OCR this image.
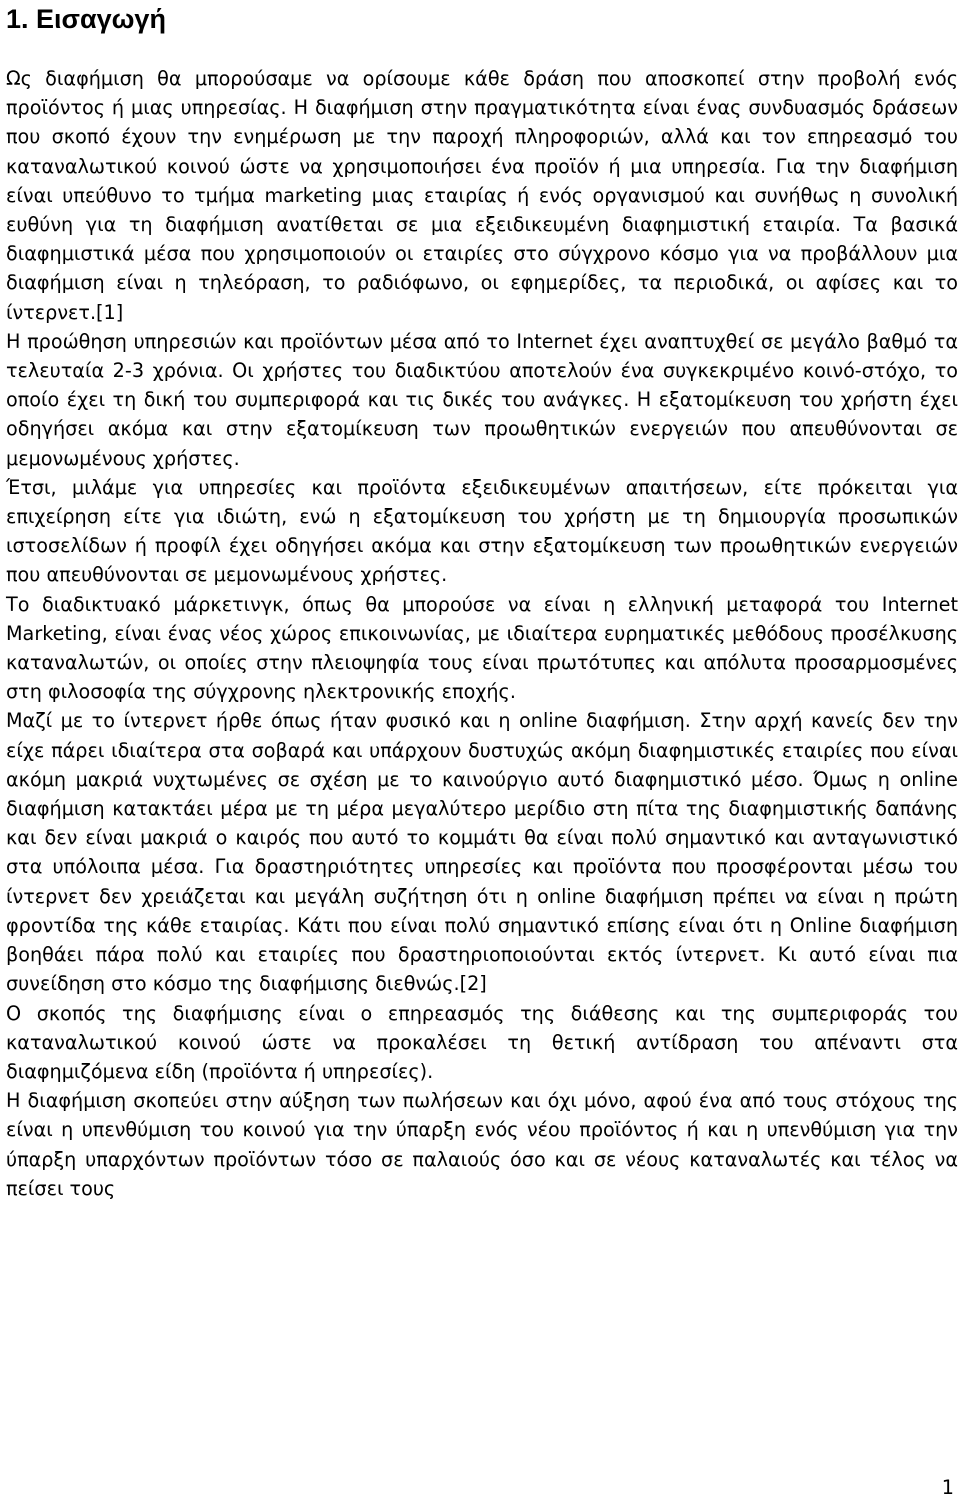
1. Εισαγωγή

Ως διαφήμιση θα μπορούσαμε να ορίσουμε κάθε δράση που αποσκοπεί στην προβολή ενός προϊόντος ή μιας υπηρεσίας. Η διαφήμιση στην πραγματικότητα είναι ένας συνδυασμός δράσεων που σκοπό έχουν την ενημέρωση με την παροχή πληροφοριών, αλλά και τον επηρεασμό του καταναλωτικού κοινού ώστε να χρησιμοποιήσει ένα προϊόν ή μια υπηρεσία. Για την διαφήμιση είναι υπεύθυνο το τμήμα marketing μιας εταιρίας ή ενός οργανισμού και συνήθως η συνολική ευθύνη για τη διαφήμιση ανατίθεται σε μια εξειδικευμένη διαφημιστική εταιρία. Τα βασικά διαφημιστικά μέσα που χρησιμοποιούν οι εταιρίες στο σύγχρονο κόσμο για να προβάλλουν μια διαφήμιση είναι η τηλεόραση, το ραδιόφωνο, οι εφημερίδες, τα περιοδικά, οι αφίσες και το ίντερνετ.[1]

Η προώθηση υπηρεσιών και προϊόντων μέσα από το Internet έχει αναπτυχθεί σε μεγάλο βαθμό τα τελευταία 2-3 χρόνια. Οι χρήστες του διαδικτύου αποτελούν ένα συγκεκριμένο κοινό-στόχο, το οποίο έχει τη δική του συμπεριφορά και τις δικές του ανάγκες. Η εξατομίκευση του χρήστη έχει οδηγήσει ακόμα και στην εξατομίκευση των προωθητικών ενεργειών που απευθύνονται σε μεμονωμένους χρήστες.

Έτσι, μιλάμε για υπηρεσίες και προϊόντα εξειδικευμένων απαιτήσεων, είτε πρόκειται για επιχείρηση είτε για ιδιώτη, ενώ η εξατομίκευση του χρήστη με τη δημιουργία προσωπικών ιστοσελίδων ή προφίλ έχει οδηγήσει ακόμα και στην εξατομίκευση των προωθητικών ενεργειών που απευθύνονται σε μεμονωμένους χρήστες.

Το διαδικτυακό μάρκετινγκ, όπως θα μπορούσε να είναι η ελληνική μεταφορά του Internet Marketing, είναι ένας νέος χώρος επικοινωνίας, με ιδιαίτερα ευρηματικές μεθόδους προσέλκυσης καταναλωτών, οι οποίες στην πλειοψηφία τους είναι πρωτότυπες και απόλυτα προσαρμοσμένες στη φιλοσοφία της σύγχρονης ηλεκτρονικής εποχής.

Μαζί με το ίντερνετ ήρθε όπως ήταν φυσικό και η online διαφήμιση. Στην αρχή κανείς δεν την είχε πάρει ιδιαίτερα στα σοβαρά και υπάρχουν δυστυχώς ακόμη διαφημιστικές εταιρίες που είναι ακόμη μακριά νυχτωμένες σε σχέση με το καινούργιο αυτό διαφημιστικό μέσο. Όμως η online διαφήμιση κατακτάει μέρα με τη μέρα μεγαλύτερο μερίδιο στη πίτα της διαφημιστικής δαπάνης και δεν είναι μακριά ο καιρός που αυτό το κομμάτι θα είναι πολύ σημαντικό και ανταγωνιστικό στα υπόλοιπα μέσα. Για δραστηριότητες υπηρεσίες και προϊόντα που προσφέρονται μέσω του ίντερνετ δεν χρειάζεται και μεγάλη συζήτηση ότι η online διαφήμιση πρέπει να είναι η πρώτη φροντίδα της κάθε εταιρίας. Κάτι που είναι πολύ σημαντικό επίσης είναι ότι η Online διαφήμιση βοηθάει πάρα πολύ και εταιρίες που δραστηριοποιούνται εκτός ίντερνετ. Κι αυτό είναι πια συνείδηση στο κόσμο της διαφήμισης διεθνώς.[2]

Ο σκοπός της διαφήμισης είναι ο επηρεασμός της διάθεσης και της συμπεριφοράς του καταναλωτικού κοινού ώστε να προκαλέσει τη θετική αντίδραση του απέναντι στα διαφημιζόμενα είδη (προϊόντα ή υπηρεσίες).

Η διαφήμιση σκοπεύει στην αύξηση των πωλήσεων και όχι μόνο, αφού ένα από τους στόχους της είναι η υπενθύμιση του κοινού για την ύπαρξη ενός νέου προϊόντος ή και η υπενθύμιση για την ύπαρξη υπαρχόντων προϊόντων τόσο σε παλαιούς όσο και σε νέους καταναλωτές και τέλος να πείσει τους

1
